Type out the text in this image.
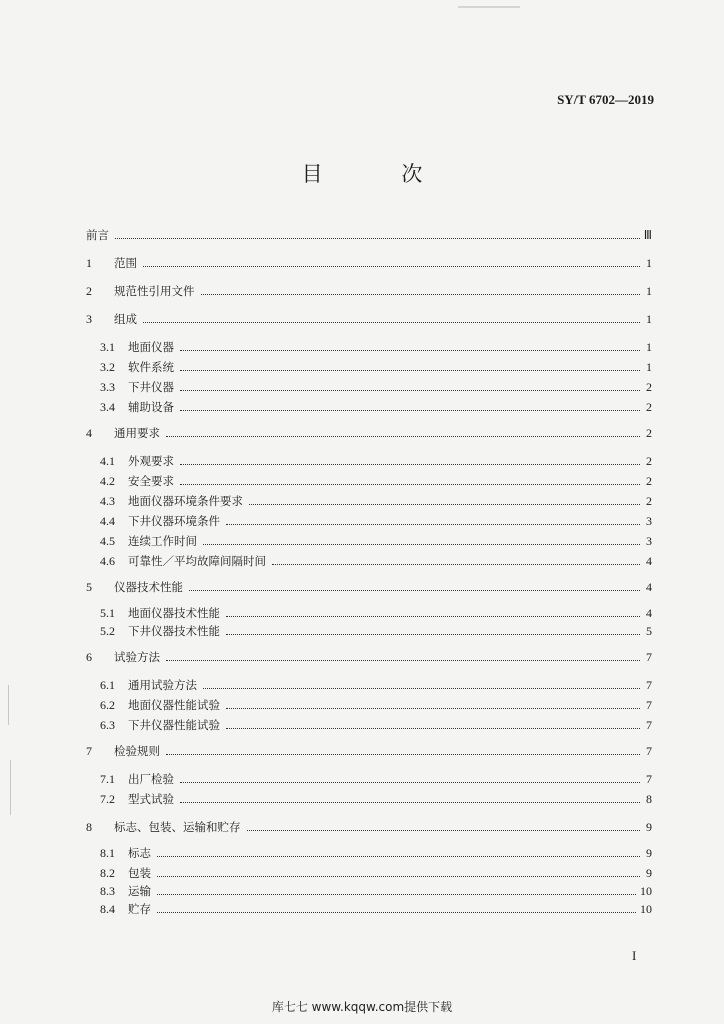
SY/T 6702—2019
目 次
前言	Ⅲ
1	范围	1
2	规范性引用文件	1
3	组成	1
3.1	地面仪器	1
3.2	软件系统	1
3.3	下井仪器	2
3.4	辅助设备	2
4	通用要求	2
4.1	外观要求	2
4.2	安全要求	2
4.3	地面仪器环境条件要求	2
4.4	下井仪器环境条件	3
4.5	连续工作时间	3
4.6	可靠性／平均故障间隔时间	4
5	仪器技术性能	4
5.1	地面仪器技术性能	4
5.2	下井仪器技术性能	5
6	试验方法	7
6.1	通用试验方法	7
6.2	地面仪器性能试验	7
6.3	下井仪器性能试验	7
7	检验规则	7
7.1	出厂检验	7
7.2	型式试验	8
8	标志、包装、运输和贮存	9
8.1	标志	9
8.2	包装	9
8.3	运输	10
8.4	贮存	10
I
库七七 www.kqqw.com提供下载
